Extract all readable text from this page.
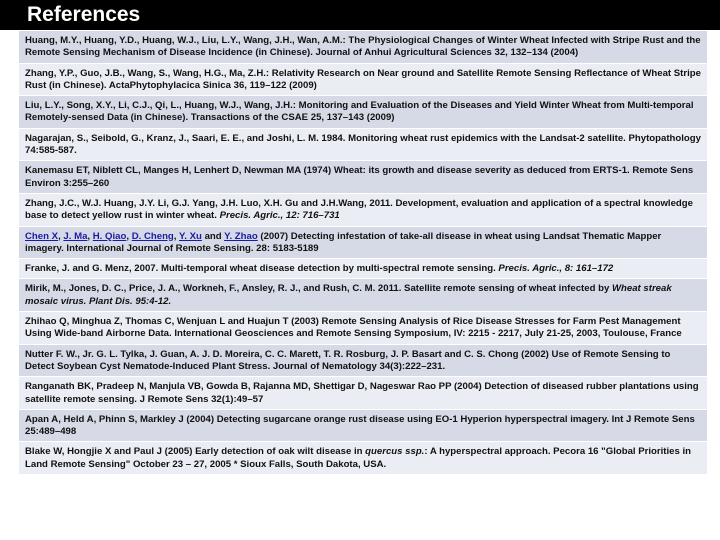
References
Huang, M.Y., Huang, Y.D., Huang, W.J., Liu, L.Y., Wang, J.H., Wan, A.M.: The Physiological Changes of Winter Wheat Infected with Stripe Rust and the Remote Sensing Mechanism of Disease Incidence (in Chinese). Journal of Anhui Agricultural Sciences 32, 132–134 (2004)
Zhang, Y.P., Guo, J.B., Wang, S., Wang, H.G., Ma, Z.H.: Relativity Research on Near ground and Satellite Remote Sensing Reflectance of Wheat Stripe Rust (in Chinese). ActaPhytophylacica Sinica 36, 119–122 (2009)
Liu, L.Y., Song, X.Y., Li, C.J., Qi, L., Huang, W.J., Wang, J.H.: Monitoring and Evaluation of the Diseases and Yield Winter Wheat from Multi-temporal Remotely-sensed Data (in Chinese). Transactions of the CSAE 25, 137–143 (2009)
Nagarajan, S., Seibold, G., Kranz, J., Saari, E. E., and Joshi, L. M. 1984. Monitoring wheat rust epidemics with the Landsat-2 satellite. Phytopathology 74:585-587.
Kanemasu ET, Niblett CL, Manges H, Lenhert D, Newman MA (1974) Wheat: its growth and disease severity as deduced from ERTS-1. Remote Sens Environ 3:255–260
Zhang, J.C., W.J. Huang, J.Y. Li, G.J. Yang, J.H. Luo, X.H. Gu and J.H.Wang, 2011. Development, evaluation and application of a spectral knowledge base to detect yellow rust in winter wheat. Precis. Agric., 12: 716–731
Chen X, J. Ma, H. Qiao, D. Cheng, Y. Xu and Y. Zhao (2007) Detecting infestation of take-all disease in wheat using Landsat Thematic Mapper imagery. International Journal of Remote Sensing. 28: 5183-5189
Franke, J. and G. Menz, 2007. Multi-temporal wheat disease detection by multi-spectral remote sensing. Precis. Agric., 8: 161–172
Mirik, M., Jones, D. C., Price, J. A., Workneh, F., Ansley, R. J., and Rush, C. M. 2011. Satellite remote sensing of wheat infected by Wheat streak mosaic virus. Plant Dis. 95:4-12.
Zhihao Q, Minghua Z, Thomas C, Wenjuan L and Huajun T (2003) Remote Sensing Analysis of Rice Disease Stresses for Farm Pest Management Using Wide-band Airborne Data. International Geosciences and Remote Sensing Symposium, IV: 2215 - 2217, July 21-25, 2003, Toulouse, France
Nutter F. W., Jr. G. L. Tylka, J. Guan, A. J. D. Moreira, C. C. Marett, T. R. Rosburg, J. P. Basart and C. S. Chong (2002) Use of Remote Sensing to Detect Soybean Cyst Nematode-Induced Plant Stress. Journal of Nematology 34(3):222–231.
Ranganath BK, Pradeep N, Manjula VB, Gowda B, Rajanna MD, Shettigar D, Nageswar Rao PP (2004) Detection of diseased rubber plantations using satellite remote sensing. J Remote Sens 32(1):49–57
Apan A, Held A, Phinn S, Markley J (2004) Detecting sugarcane orange rust disease using EO-1 Hyperion hyperspectral imagery. Int J Remote Sens 25:489–498
Blake W, Hongjie X and Paul J (2005) Early detection of oak wilt disease in quercus ssp.: A hyperspectral approach. Pecora 16 "Global Priorities in Land Remote Sensing" October 23 – 27, 2005 * Sioux Falls, South Dakota, USA.
